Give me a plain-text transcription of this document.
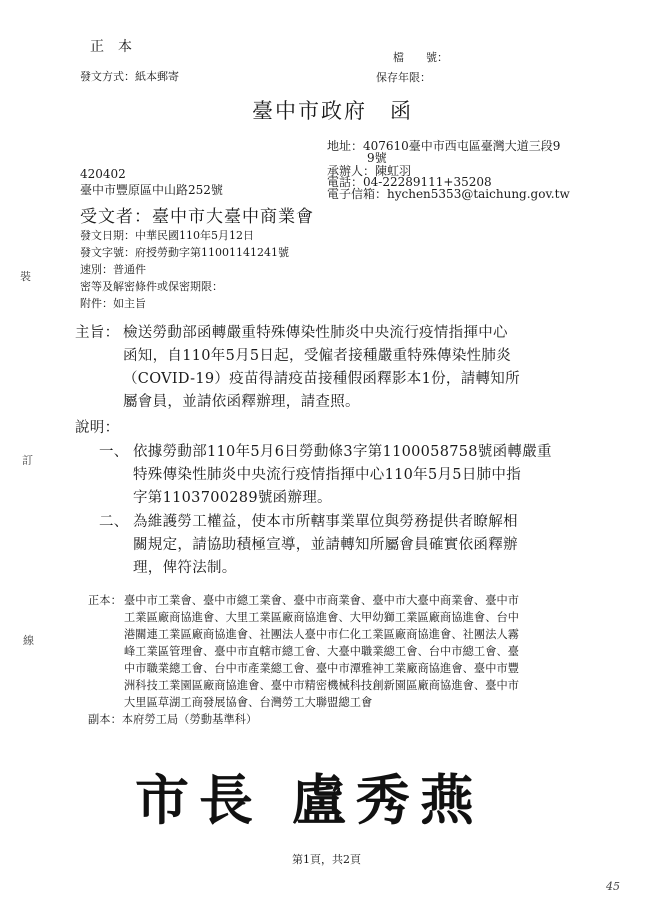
正　本
檔　　號：
發文方式：紙本郵寄	保存年限：
臺中市政府　函
地址：407610臺中市西屯區臺灣大道三段9
9號
承辦人：陳虹羽
電話：04-22289111+35208
電子信箱：hychen5353@taichung.gov.tw
420402
臺中市豐原區中山路252號
受文者：臺中市大臺中商業會
發文日期：中華民國110年5月12日
發文字號：府授勞動字第11001141241號
速別：普通件
密等及解密條件或保密期限：
附件：如主旨
主旨： 檢送勞動部函轉嚴重特殊傳染性肺炎中央流行疫情指揮中心
函知，自110年5月5日起，受僱者接種嚴重特殊傳染性肺炎
（COVID-19）疫苗得請疫苗接種假函釋影本1份，請轉知所
屬會員，並請依函釋辦理，請查照。
說明：
一、 依據勞動部110年5月6日勞動條3字第1100058758號函轉嚴重
特殊傳染性肺炎中央流行疫情指揮中心110年5月5日肺中指
字第1103700289號函辦理。
二、 為維護勞工權益，使本市所轄事業單位與勞務提供者瞭解相
關規定，請協助積極宣導，並請轉知所屬會員確實依函釋辦
理，俾符法制。
正本： 臺中市工業會、臺中市總工業會、臺中市商業會、臺中市大臺中商業會、臺中市
工業區廠商協進會、大里工業區廠商協進會、大甲幼獅工業區廠商協進會、台中
港關連工業區廠商協進會、社團法人臺中市仁化工業區廠商協進會、社團法人霧
峰工業區管理會、臺中市直轄市總工會、大臺中職業總工會、台中市總工會、臺
中市職業總工會、台中市產業總工會、臺中市潭雅神工業廠商協進會、臺中市豐
洲科技工業園區廠商協進會、臺中市精密機械科技創新園區廠商協進會、臺中市
大里區草湖工商發展協會、台灣勞工大聯盟總工會
副本：本府勞工局（勞動基準科）
市長 盧秀燕
裝
訂
線
第1頁，共2頁
45
